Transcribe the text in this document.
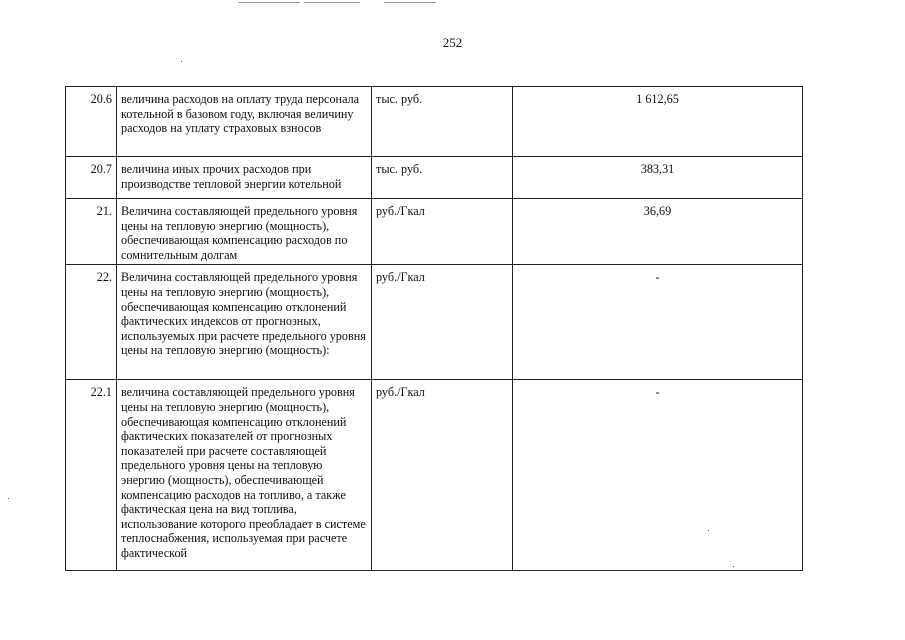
252
20.6	величина расходов на оплату труда персонала котельной в базовом году, включая величину расходов на уплату страховых взносов	тыс. руб.	1 612,65
20.7	величина иных прочих расходов при производстве тепловой энергии котельной	тыс. руб.	383,31
21.	Величина составляющей предельного уровня цены на тепловую энергию (мощность), обеспечивающая компенсацию расходов по сомнительным долгам	руб./Гкал	36,69
22.	Величина составляющей предельного уровня цены на тепловую энергию (мощность), обеспечивающая компенсацию отклонений фактических индексов от прогнозных, используемых при расчете предельного уровня цены на тепловую энергию (мощность):	руб./Гкал	-
22.1	величина составляющей предельного уровня цены на тепловую энергию (мощность), обеспечивающая компенсацию отклонений фактических показателей от прогнозных показателей при расчете составляющей предельного уровня цены на тепловую энергию (мощность), обеспечивающей компенсацию расходов на топливо, а также фактическая цена на вид топлива, использование которого преобладает в системе теплоснабжения, используемая при расчете фактической	руб./Гкал	-
